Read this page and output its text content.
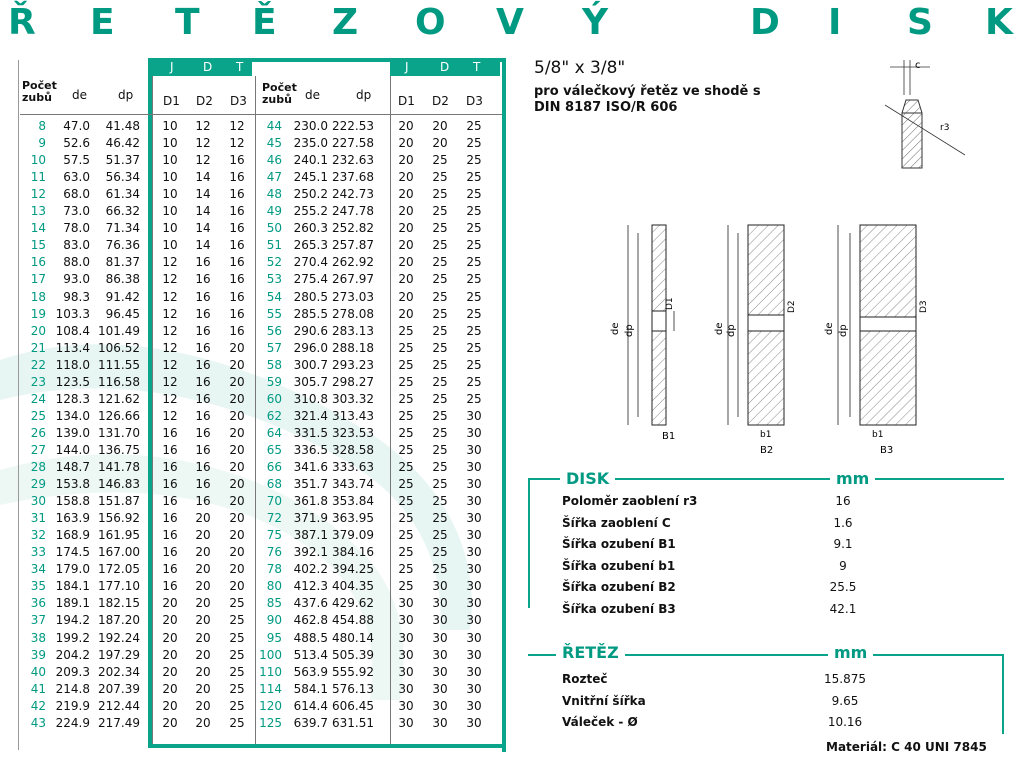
Ř E T Ě Z O V Ý	D I S K
J D T	J	D T
Počet zubů	de	dp D1 D2 D3
Počet zubů	de	dp D1 D2 D3
8	47.0	41.48 10 12 12
9	52.6	46.42 10 12 12
10	57.5	51.37 10 12 16
11	63.0	56.34 10 14 16
12	68.0	61.34 10 14 16
13	73.0	66.32 10 14 16
14	78.0	71.34 10 14 16
15	83.0	76.36 10 14 16
16	88.0	81.37 12 16 16
17	93.0	86.38 12 16 16
18	98.3	91.42 12 16 16
19 103.3	96.45 12 16 16
20 108.4 101.49 12 16 16
21 113.4 106.52 12 16 20
22 118.0 111.55 12 16 20
23 123.5 116.58 12 16 20
24 128.3 121.62 12 16 20
25 134.0 126.66 12 16 20
26 139.0 131.70 16 16 20
27 144.0 136.75 16 16 20
28 148.7 141.78 16 16 20
29 153.8 146.83 16 16 20
30 158.8 151.87 16 16 20
31 163.9 156.92 16 20 20
32 168.9 161.95 16 20 20
33 174.5 167.00 16 20 20
34 179.0 172.05 16 20 20
35 184.1 177.10 16 20 20
36 189.1 182.15 20 20 25
37 194.2 187.20 20 20 25
38 199.2 192.24 20 20 25
39 204.2 197.29 20 20 25
40 209.3 202.34 20 20 25
41 214.8 207.39 20 20 25
42 219.9 212.44 20 20 25
43 224.9 217.49 20 20 25
44 230.0 222.53 20 20 25
45 235.0 227.58 20 20 25
46 240.1 232.63 20 25 25
47 245.1 237.68 20 25 25
48 250.2 242.73 20 25 25
49 255.2 247.78 20 25 25
50 260.3 252.82 20 25 25
51 265.3 257.87 20 25 25
52 270.4 262.92 20 25 25
53 275.4 267.97 20 25 25
54 280.5 273.03 20 25 25
55 285.5 278.08 20 25 25
56 290.6 283.13 25 25 25
57 296.0 288.18 25 25 25
58 300.7 293.23 25 25 25
59 305.7 298.27 25 25 25
60 310.8 303.32 25 25 25
62 321.4 313.43 25 25 30
64 331.5 323.53 25 25 30
65 336.5 328.58 25 25 30
66 341.6 333.63 25 25 30
68 351.7 343.74 25 25 30
70 361.8 353.84 25 25 30
72 371.9 363.95 25 25 30
75 387.1 379.09 25 25 30
76 392.1 384.16 25 25 30
78 402.2 394.25 25 25 30
80 412.3 404.35 25 30 30
85 437.6 429.62 30 30 30
90 462.8 454.88 30 30 30
95 488.5 480.14 30 30 30
100 513.4 505.39 30 30 30
110 563.9 555.92 30 30 30
114 584.1 576.13 30 30 30
120 614.4 606.45 30 30 30
125 639.7 631.51 30 30 30
5/8" x 3/8"
pro válečkový řetěz ve shodě s
DIN 8187 ISO/R 606
c
r3
de dp
D1
B1
de dp
D2
b1
B2
de dp
D3
b1
B3
DISK	mm
Poloměr zaoblení r3	16
Šířka zaoblení C	1.6
Šířka ozubení B1	9.1
Šířka ozubení b1	9
Šířka ozubení B2	25.5
Šířka ozubení B3	42.1
ŘETĚZ	mm
Rozteč	15.875
Vnitřní šířka	9.65
Váleček - Ø	10.16
Materiál: C 40 UNI 7845
